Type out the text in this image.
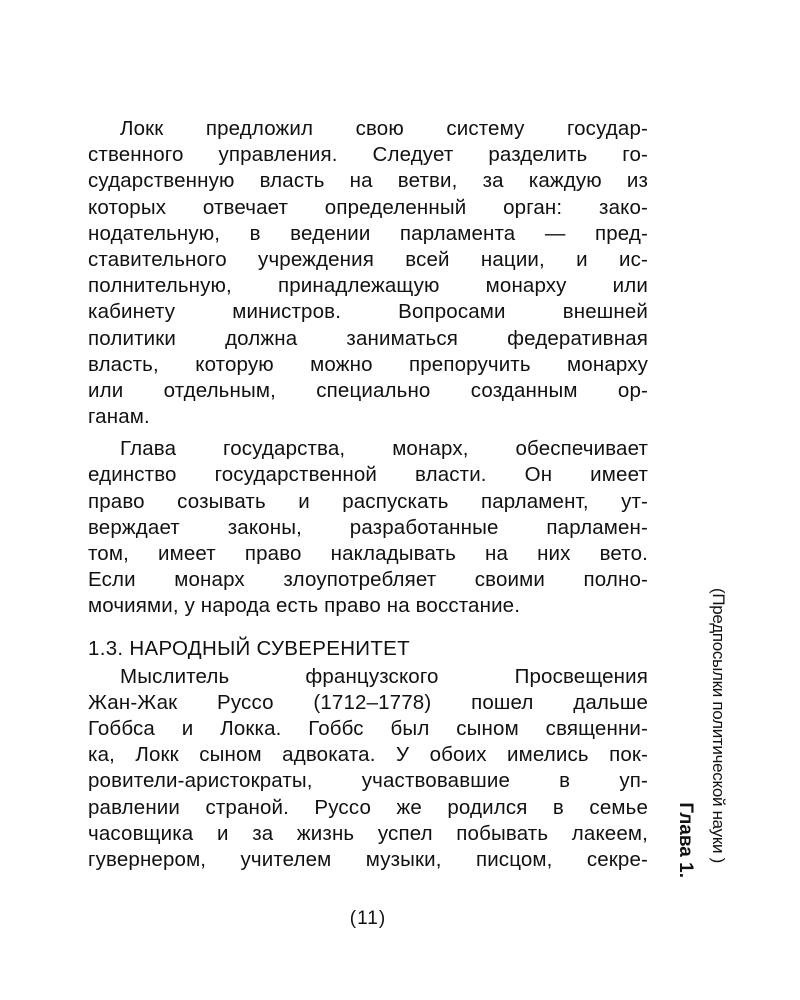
Локк предложил свою систему государ-
ственного управления. Следует разделить го-
сударственную власть на ветви, за каждую из
которых отвечает определенный орган: зако-
нодательную, в ведении парламента — пред-
ставительного учреждения всей нации, и ис-
полнительную, принадлежащую монарху или
кабинету министров. Вопросами внешней
политики должна заниматься федеративная
власть, которую можно препоручить монарху
или отдельным, специально созданным ор-
ганам.
Глава государства, монарх, обеспечивает
единство государственной власти. Он имеет
право созывать и распускать парламент, ут-
верждает законы, разработанные парламен-
том, имеет право накладывать на них вето.
Если монарх злоупотребляет своими полно-
мочиями, у народа есть право на восстание.
1.3. НАРОДНЫЙ СУВЕРЕНИТЕТ
Мыслитель французского Просвещения
Жан-Жак Руссо (1712–1778) пошел дальше
Гоббса и Локка. Гоббс был сыном священни-
ка, Локк сыном адвоката. У обоих имелись пок-
ровители-аристократы, участвовавшие в уп-
равлении страной. Руссо же родился в семье
часовщика и за жизнь успел побывать лакеем,
гувернером, учителем музыки, писцом, секре-	(Предпосылки политической науки )
Глава 1.
(11)
